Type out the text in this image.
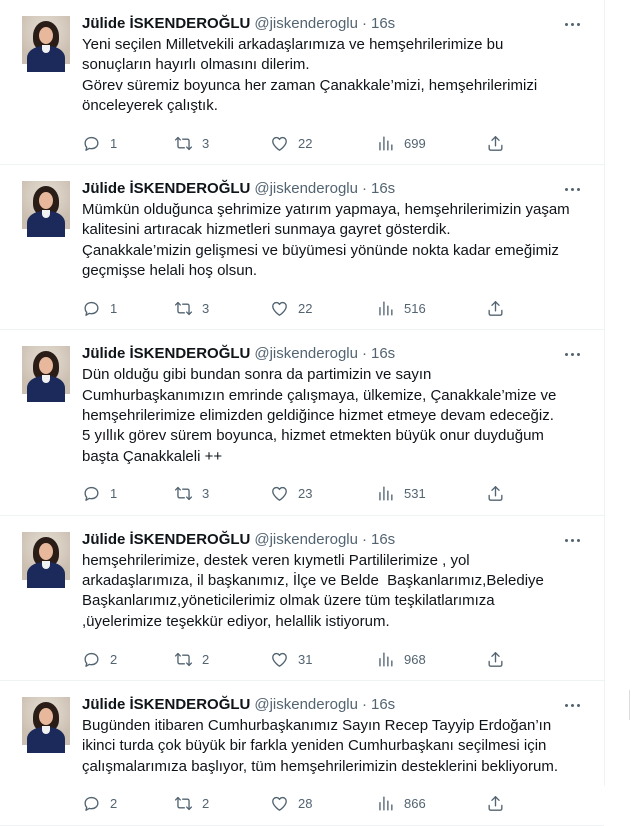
Jülide İSKENDEROĞLU @jiskenderoglu · 16s
Yeni seçilen Milletvekili arkadaşlarımıza ve hemşehrilerimize bu
sonuçların hayırlı olmasını dilerim.
Görev süremiz boyunca her zaman Çanakkale’mizi, hemşehrilerimizi
önceleyerek çalıştık.
1	3	22	699
Jülide İSKENDEROĞLU @jiskenderoglu · 16s
Mümkün olduğunca şehrimize yatırım yapmaya, hemşehrilerimizin yaşam
kalitesini artıracak hizmetleri sunmaya gayret gösterdik.
Çanakkale’mizin gelişmesi ve büyümesi yönünde nokta kadar emeğimiz
geçmişse helali hoş olsun.
1	3	22	516
Jülide İSKENDEROĞLU @jiskenderoglu · 16s
Dün olduğu gibi bundan sonra da partimizin ve sayın
Cumhurbaşkanımızın emrinde çalışmaya, ülkemize, Çanakkale’mize ve
hemşehrilerimize elimizden geldiğince hizmet etmeye devam edeceğiz.
5 yıllık görev sürem boyunca, hizmet etmekten büyük onur duyduğum
başta Çanakkaleli ++
1	3	23	531
Jülide İSKENDEROĞLU @jiskenderoglu · 16s
hemşehrilerimize, destek veren kıymetli Partililerimize , yol
arkadaşlarımıza, il başkanımız, İlçe ve Belde  Başkanlarımız,Belediye
Başkanlarımız,yöneticilerimiz olmak üzere tüm teşkilatlarımıza
,üyelerimize teşekkür ediyor, helallik istiyorum.
2	2	31	968
Jülide İSKENDEROĞLU @jiskenderoglu · 16s
Bugünden itibaren Cumhurbaşkanımız Sayın Recep Tayyip Erdoğan’ın
ikinci turda çok büyük bir farkla yeniden Cumhurbaşkanı seçilmesi için
çalışmalarımıza başlıyor, tüm hemşehrilerimizin desteklerini bekliyorum.
2	2	28	866
